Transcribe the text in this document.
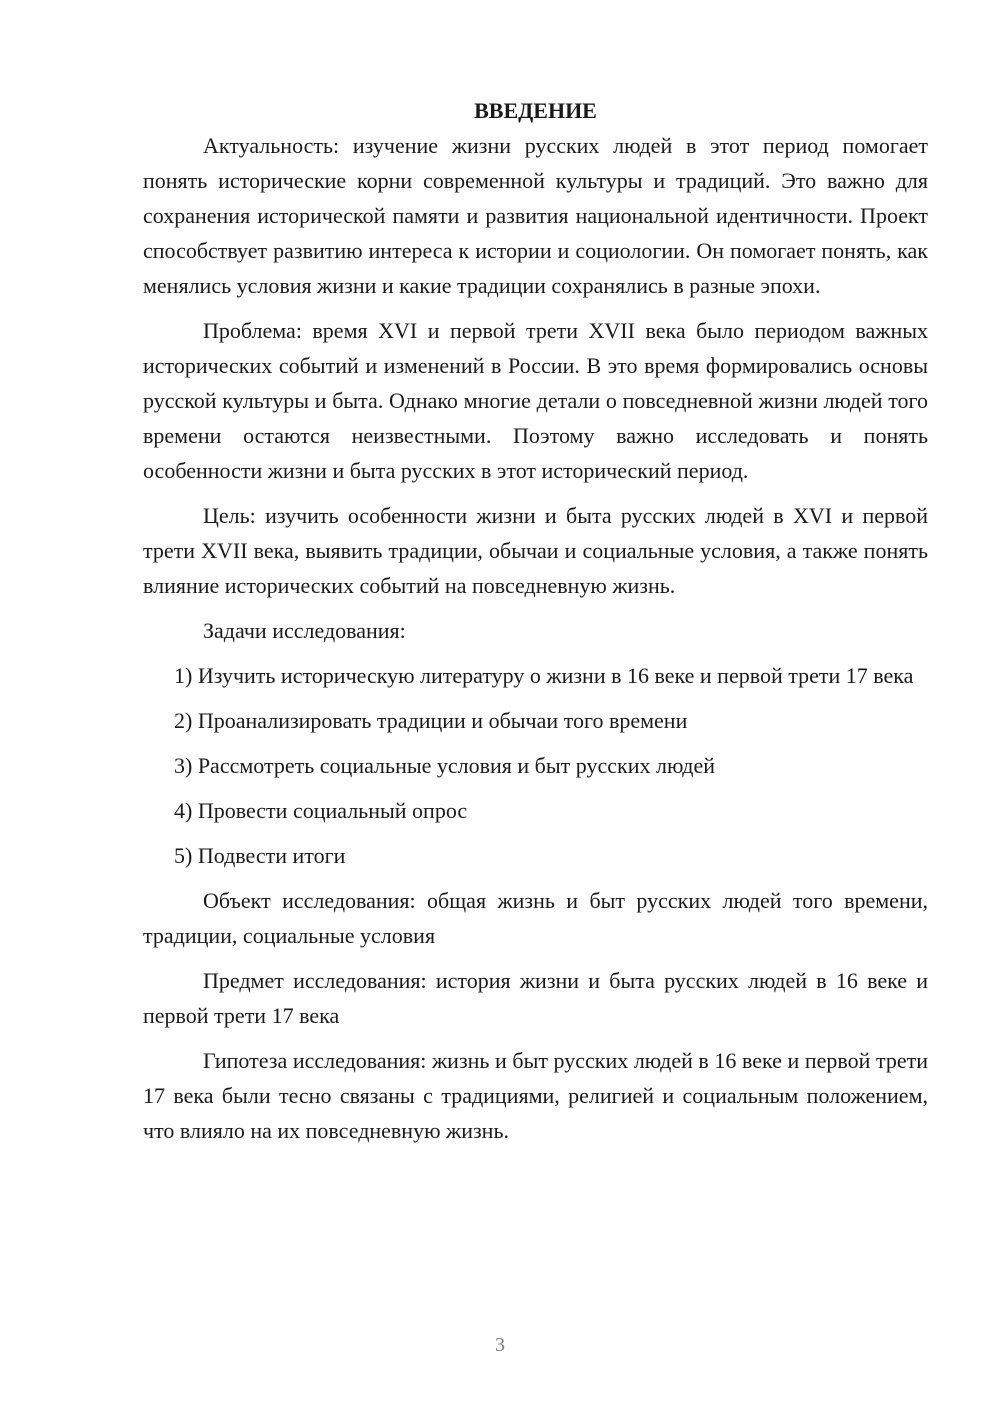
ВВЕДЕНИЕ

Актуальность: изучение жизни русских людей в этот период помогает понять исторические корни современной культуры и традиций. Это важно для сохранения исторической памяти и развития национальной идентичности. Проект способствует развитию интереса к истории и социологии. Он помогает понять, как менялись условия жизни и какие традиции сохранялись в разные эпохи.

Проблема: время XVI и первой трети XVII века было периодом важных исторических событий и изменений в России. В это время формировались основы русской культуры и быта. Однако многие детали о повседневной жизни людей того времени остаются неизвестными. Поэтому важно исследовать и понять особенности жизни и быта русских в этот исторический период.

Цель: изучить особенности жизни и быта русских людей в XVI и первой трети XVII века, выявить традиции, обычаи и социальные условия, а также понять влияние исторических событий на повседневную жизнь.

Задачи исследования:

1) Изучить историческую литературу о жизни в 16 веке и первой трети 17 века

2) Проанализировать традиции и обычаи того времени

3) Рассмотреть социальные условия и быт русских людей

4) Провести социальный опрос

5) Подвести итоги

Объект исследования: общая жизнь и быт русских людей того времени, традиции, социальные условия

Предмет исследования: история жизни и быта русских людей в 16 веке и первой трети 17 века

Гипотеза исследования: жизнь и быт русских людей в 16 веке и первой трети 17 века были тесно связаны с традициями, религией и социальным положением, что влияло на их повседневную жизнь.

3
